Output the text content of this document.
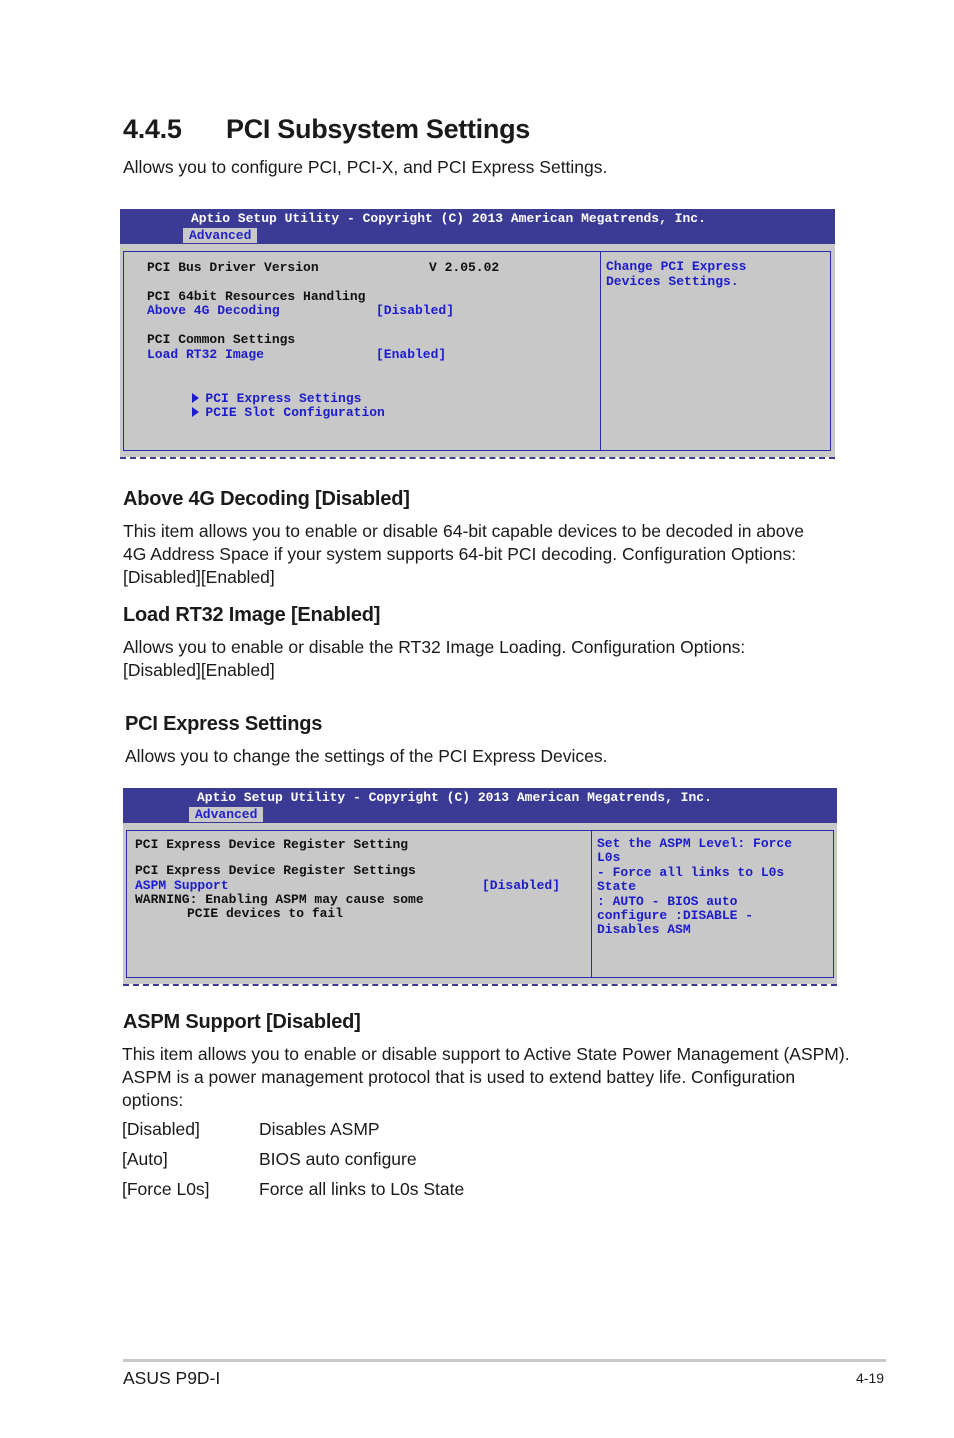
4.4.5	PCI Subsystem Settings
Allows you to configure PCI, PCI-X, and PCI Express Settings.
Aptio Setup Utility - Copyright (C) 2013 American Megatrends, Inc.
Advanced
PCI Bus Driver Version	V 2.05.02
PCI 64bit Resources Handling
Above 4G Decoding	[Disabled]
PCI Common Settings
Load RT32 Image	[Enabled]

PCI Express Settings

PCIE Slot Configuration

Change PCI Express
Devices Settings.
Above 4G Decoding [Disabled]
This item allows you to enable or disable 64-bit capable devices to be decoded in above
4G Address Space if your system supports 64-bit PCI decoding. Configuration Options:
[Disabled][Enabled]
Load RT32 Image [Enabled]
Allows you to enable or disable the RT32 Image Loading. Configuration Options:
[Disabled][Enabled]
PCI Express Settings
Allows you to change the settings of the PCI Express Devices.
Aptio Setup Utility - Copyright (C) 2013 American Megatrends, Inc.
Advanced
PCI Express Device Register Setting
PCI Express Device Register Settings
ASPM Support	[Disabled]
WARNING: Enabling ASPM may cause some
PCIE devices to fail
Set the ASPM Level: Force
L0s
- Force all links to L0s
State
: AUTO - BIOS auto
configure :DISABLE -
Disables ASM
ASPM Support [Disabled]
This item allows you to enable or disable support to Active State Power Management (ASPM).
ASPM is a power management protocol that is used to extend battey life. Configuration
options:
[Disabled]	Disables ASMP
[Auto]	BIOS auto configure
[Force L0s]	Force all links to L0s State
ASUS P9D-I	4-19
